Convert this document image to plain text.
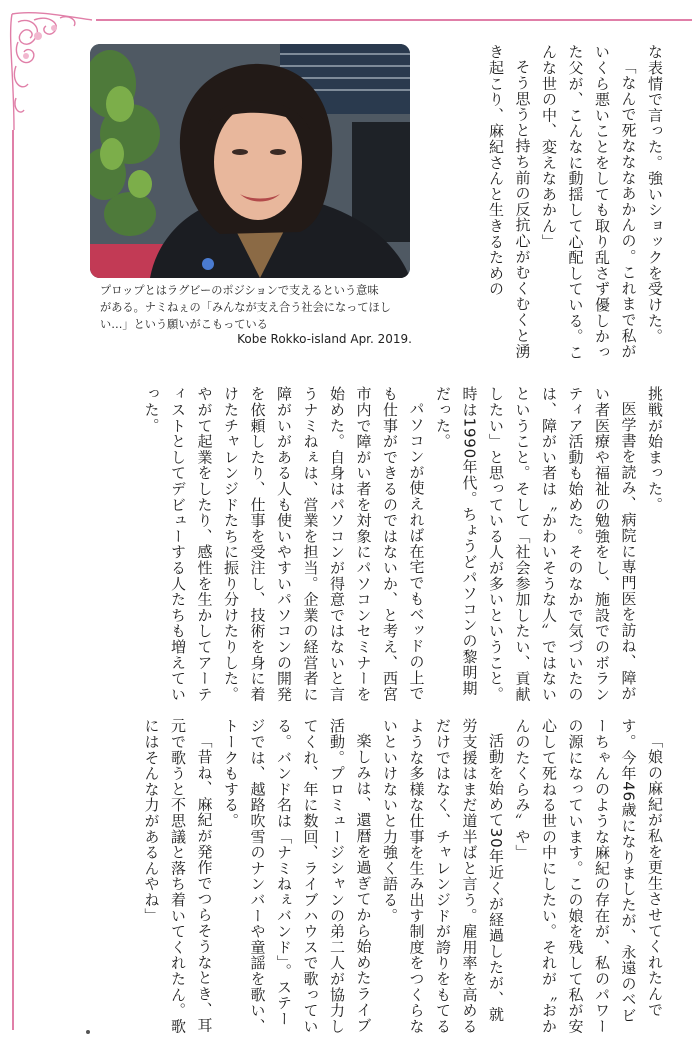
プロップとはラグビーのポジションで支えるという意味
がある。ナミねぇの「みんなが支え合う社会になってほし
い…」という願いがこもっている
Kobe Rokko-island Apr. 2019.	な表情で言った。強いショックを受けた。

「なんで死なななあかんの。これまで私がいくら悪いことをしても取り乱さず優しかった父が、こんなに動揺して心配している。こんな世の中、変えなあかん」

そう思うと持ち前の反抗心がむくむくと湧き起こり、麻紀さんと生きるための

挑戦が始まった。

医学書を読み、病院に専門医を訪ね、障がい者医療や福祉の勉強をし、施設でのボランティア活動も始めた。そのなかで気づいたのは、障がい者は〝かわいそうな人〟ではないということ。そして「社会参加したい、貢献したい」と思っている人が多いということ。時は1990年代。ちょうどパソコンの黎明期だった。

パソコンが使えれば在宅でもベッドの上でも仕事ができるのではないか、と考え、西宮市内で障がい者を対象にパソコンセミナーを始めた。自身はパソコンが得意ではないと言うナミねぇは、営業を担当。企業の経営者に障がいがある人も使いやすいパソコンの開発を依頼したり、仕事を受注し、技術を身に着けたチャレンジドたちに振り分けたりした。やがて起業をしたり、感性を生かしてアーティストとしてデビューする人たちも増えていった。

「娘の麻紀が私を更生させてくれたんです。今年46歳になりましたが、永遠のベビーちゃんのような麻紀の存在が、私のパワーの源になっています。この娘を残して私が安心して死ねる世の中にしたい。それが〝おかんのたくらみ〟や」

活動を始めて30年近くが経過したが、就労支援はまだ道半ばと言う。雇用率を高めるだけではなく、チャレンジドが誇りをもてるような多様な仕事を生み出す制度をつくらないといけないと力強く語る。

楽しみは、還暦を過ぎてから始めたライブ活動。プロミュージシャンの弟二人が協力してくれ、年に数回、ライブハウスで歌っている。バンド名は「ナミねぇバンド」。ステージでは、越路吹雪のナンバーや童謡を歌い、トークもする。

「昔ね、麻紀が発作でつらそうなとき、耳元で歌うと不思議と落ち着いてくれたん。歌にはそんな力があるんやね」
